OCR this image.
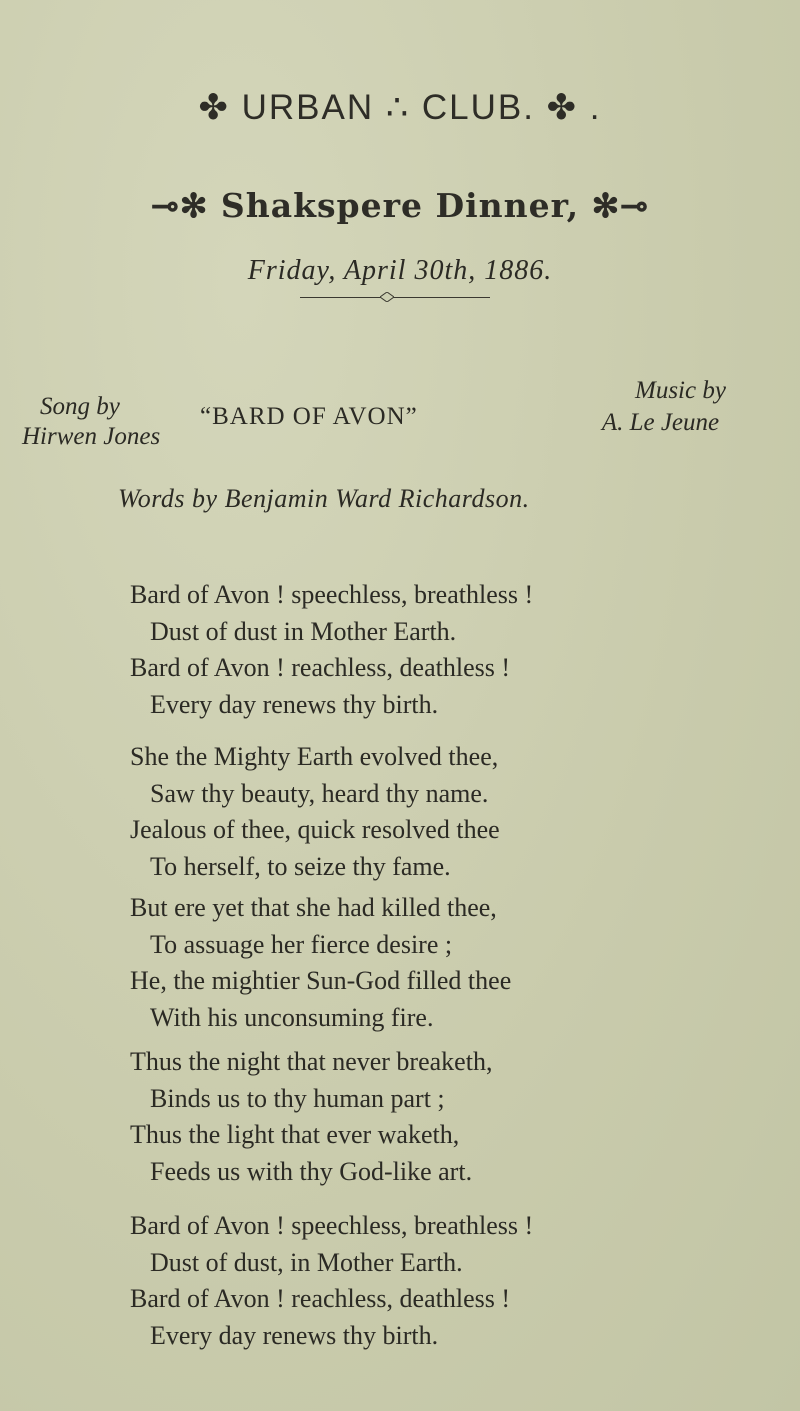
✤ URBAN ∴ CLUB. ✤ .
⊸✻ Shakspere Dinner, ✻⊸
Friday, April 30th, 1886.
Song by
Hirwen Jones
“BARD OF AVON”
Music by
A. Le Jeune
Words by Benjamin Ward Richardson.
Bard of Avon ! speechless, breathless !
Dust of dust in Mother Earth.
Bard of Avon ! reachless, deathless !
Every day renews thy birth.
She the Mighty Earth evolved thee,
Saw thy beauty, heard thy name.
Jealous of thee, quick resolved thee
To herself, to seize thy fame.
But ere yet that she had killed thee,
To assuage her fierce desire ;
He, the mightier Sun-God filled thee
With his unconsuming fire.
Thus the night that never breaketh,
Binds us to thy human part ;
Thus the light that ever waketh,
Feeds us with thy God-like art.
Bard of Avon ! speechless, breathless !
Dust of dust, in Mother Earth.
Bard of Avon ! reachless, deathless !
Every day renews thy birth.
